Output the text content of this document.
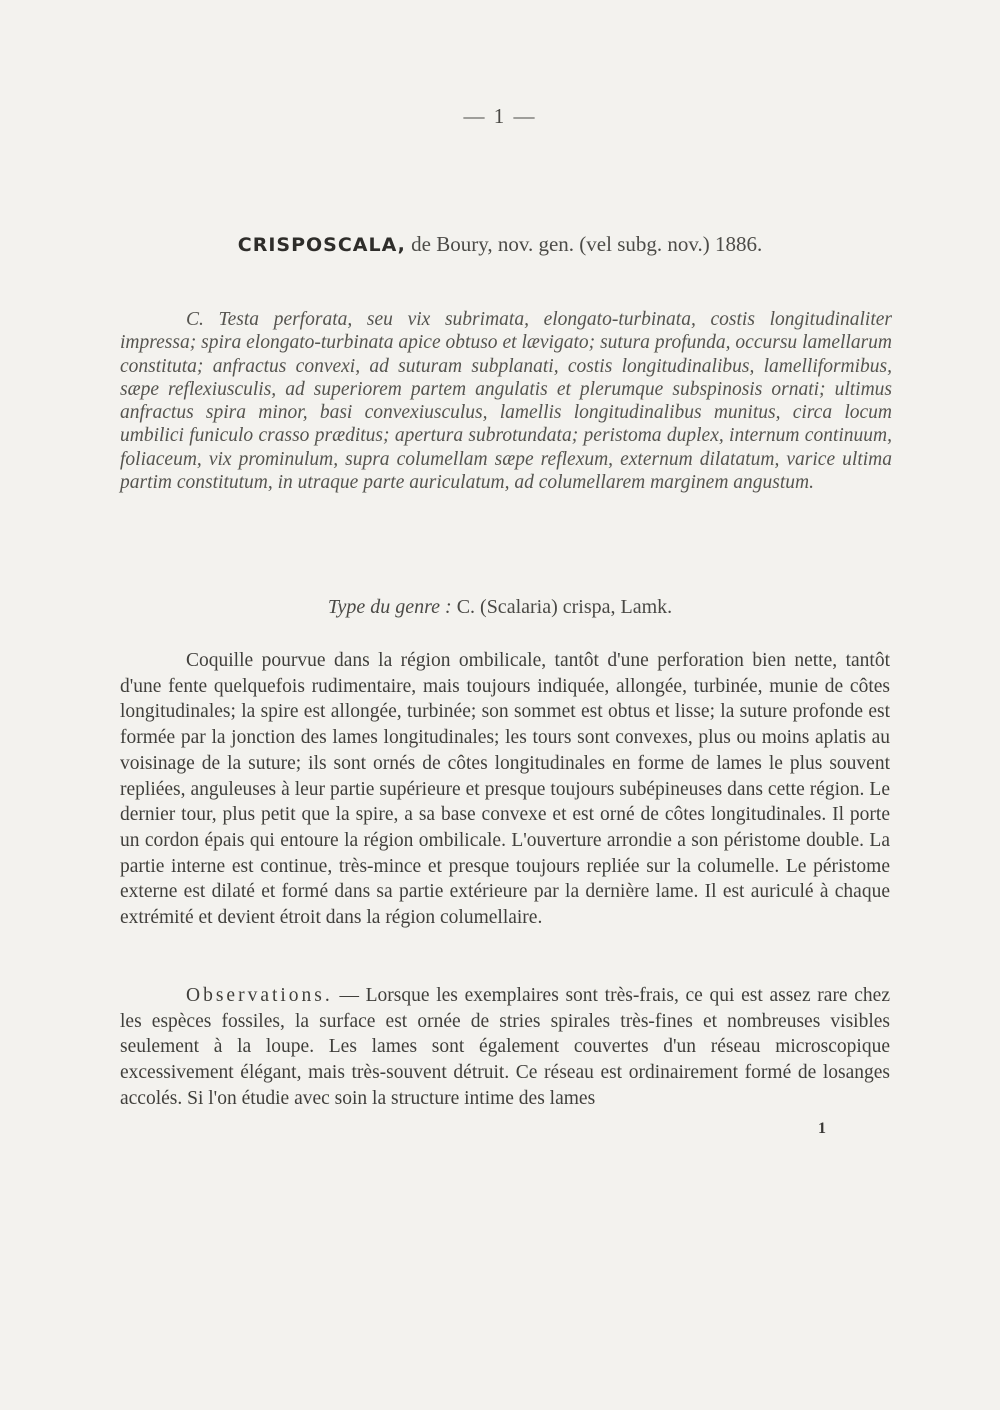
— 1 —
CRISPOSCALA, de Boury, nov. gen. (vel subg. nov.) 1886.

C. Testa perforata, seu vix subrimata, elongato-turbinata, costis longitudinaliter impressa; spira elongato-turbinata apice obtuso et lævigato; sutura profunda, occursu lamellarum constituta; anfractus convexi, ad suturam subplanati, costis longitudinalibus, lamelliformibus, sæpe reflexiusculis, ad superiorem partem angulatis et plerumque subspinosis ornati; ultimus anfractus spira minor, basi convexiusculus, lamellis longitudinalibus munitus, circa locum umbilici funiculo crasso præditus; apertura subrotundata; peristoma duplex, internum continuum, foliaceum, vix prominulum, supra columellam sæpe reflexum, externum dilatatum, varice ultima partim constitutum, in utraque parte auriculatum, ad columellarem marginem angustum.

Type du genre : C. (Scalaria) crispa, Lamk.

Coquille pourvue dans la région ombilicale, tantôt d'une perforation bien nette, tantôt d'une fente quelquefois rudimentaire, mais toujours indiquée, allongée, turbinée, munie de côtes longitudinales; la spire est allongée, turbinée; son sommet est obtus et lisse; la suture profonde est formée par la jonction des lames longitudinales; les tours sont convexes, plus ou moins aplatis au voisinage de la suture; ils sont ornés de côtes longitudinales en forme de lames le plus souvent repliées, anguleuses à leur partie supérieure et presque toujours subépineuses dans cette région. Le dernier tour, plus petit que la spire, a sa base convexe et est orné de côtes longitudinales. Il porte un cordon épais qui entoure la région ombilicale. L'ouverture arrondie a son péristome double. La partie interne est continue, très-mince et presque toujours repliée sur la columelle. Le péristome externe est dilaté et formé dans sa partie extérieure par la dernière lame. Il est auriculé à chaque extrémité et devient étroit dans la région columellaire.

Observations. — Lorsque les exemplaires sont très-frais, ce qui est assez rare chez les espèces fossiles, la surface est ornée de stries spirales très-fines et nombreuses visibles seulement à la loupe. Les lames sont également couvertes d'un réseau microscopique excessivement élégant, mais très-souvent détruit. Ce réseau est ordinairement formé de losanges accolés. Si l'on étudie avec soin la structure intime des lames

1
